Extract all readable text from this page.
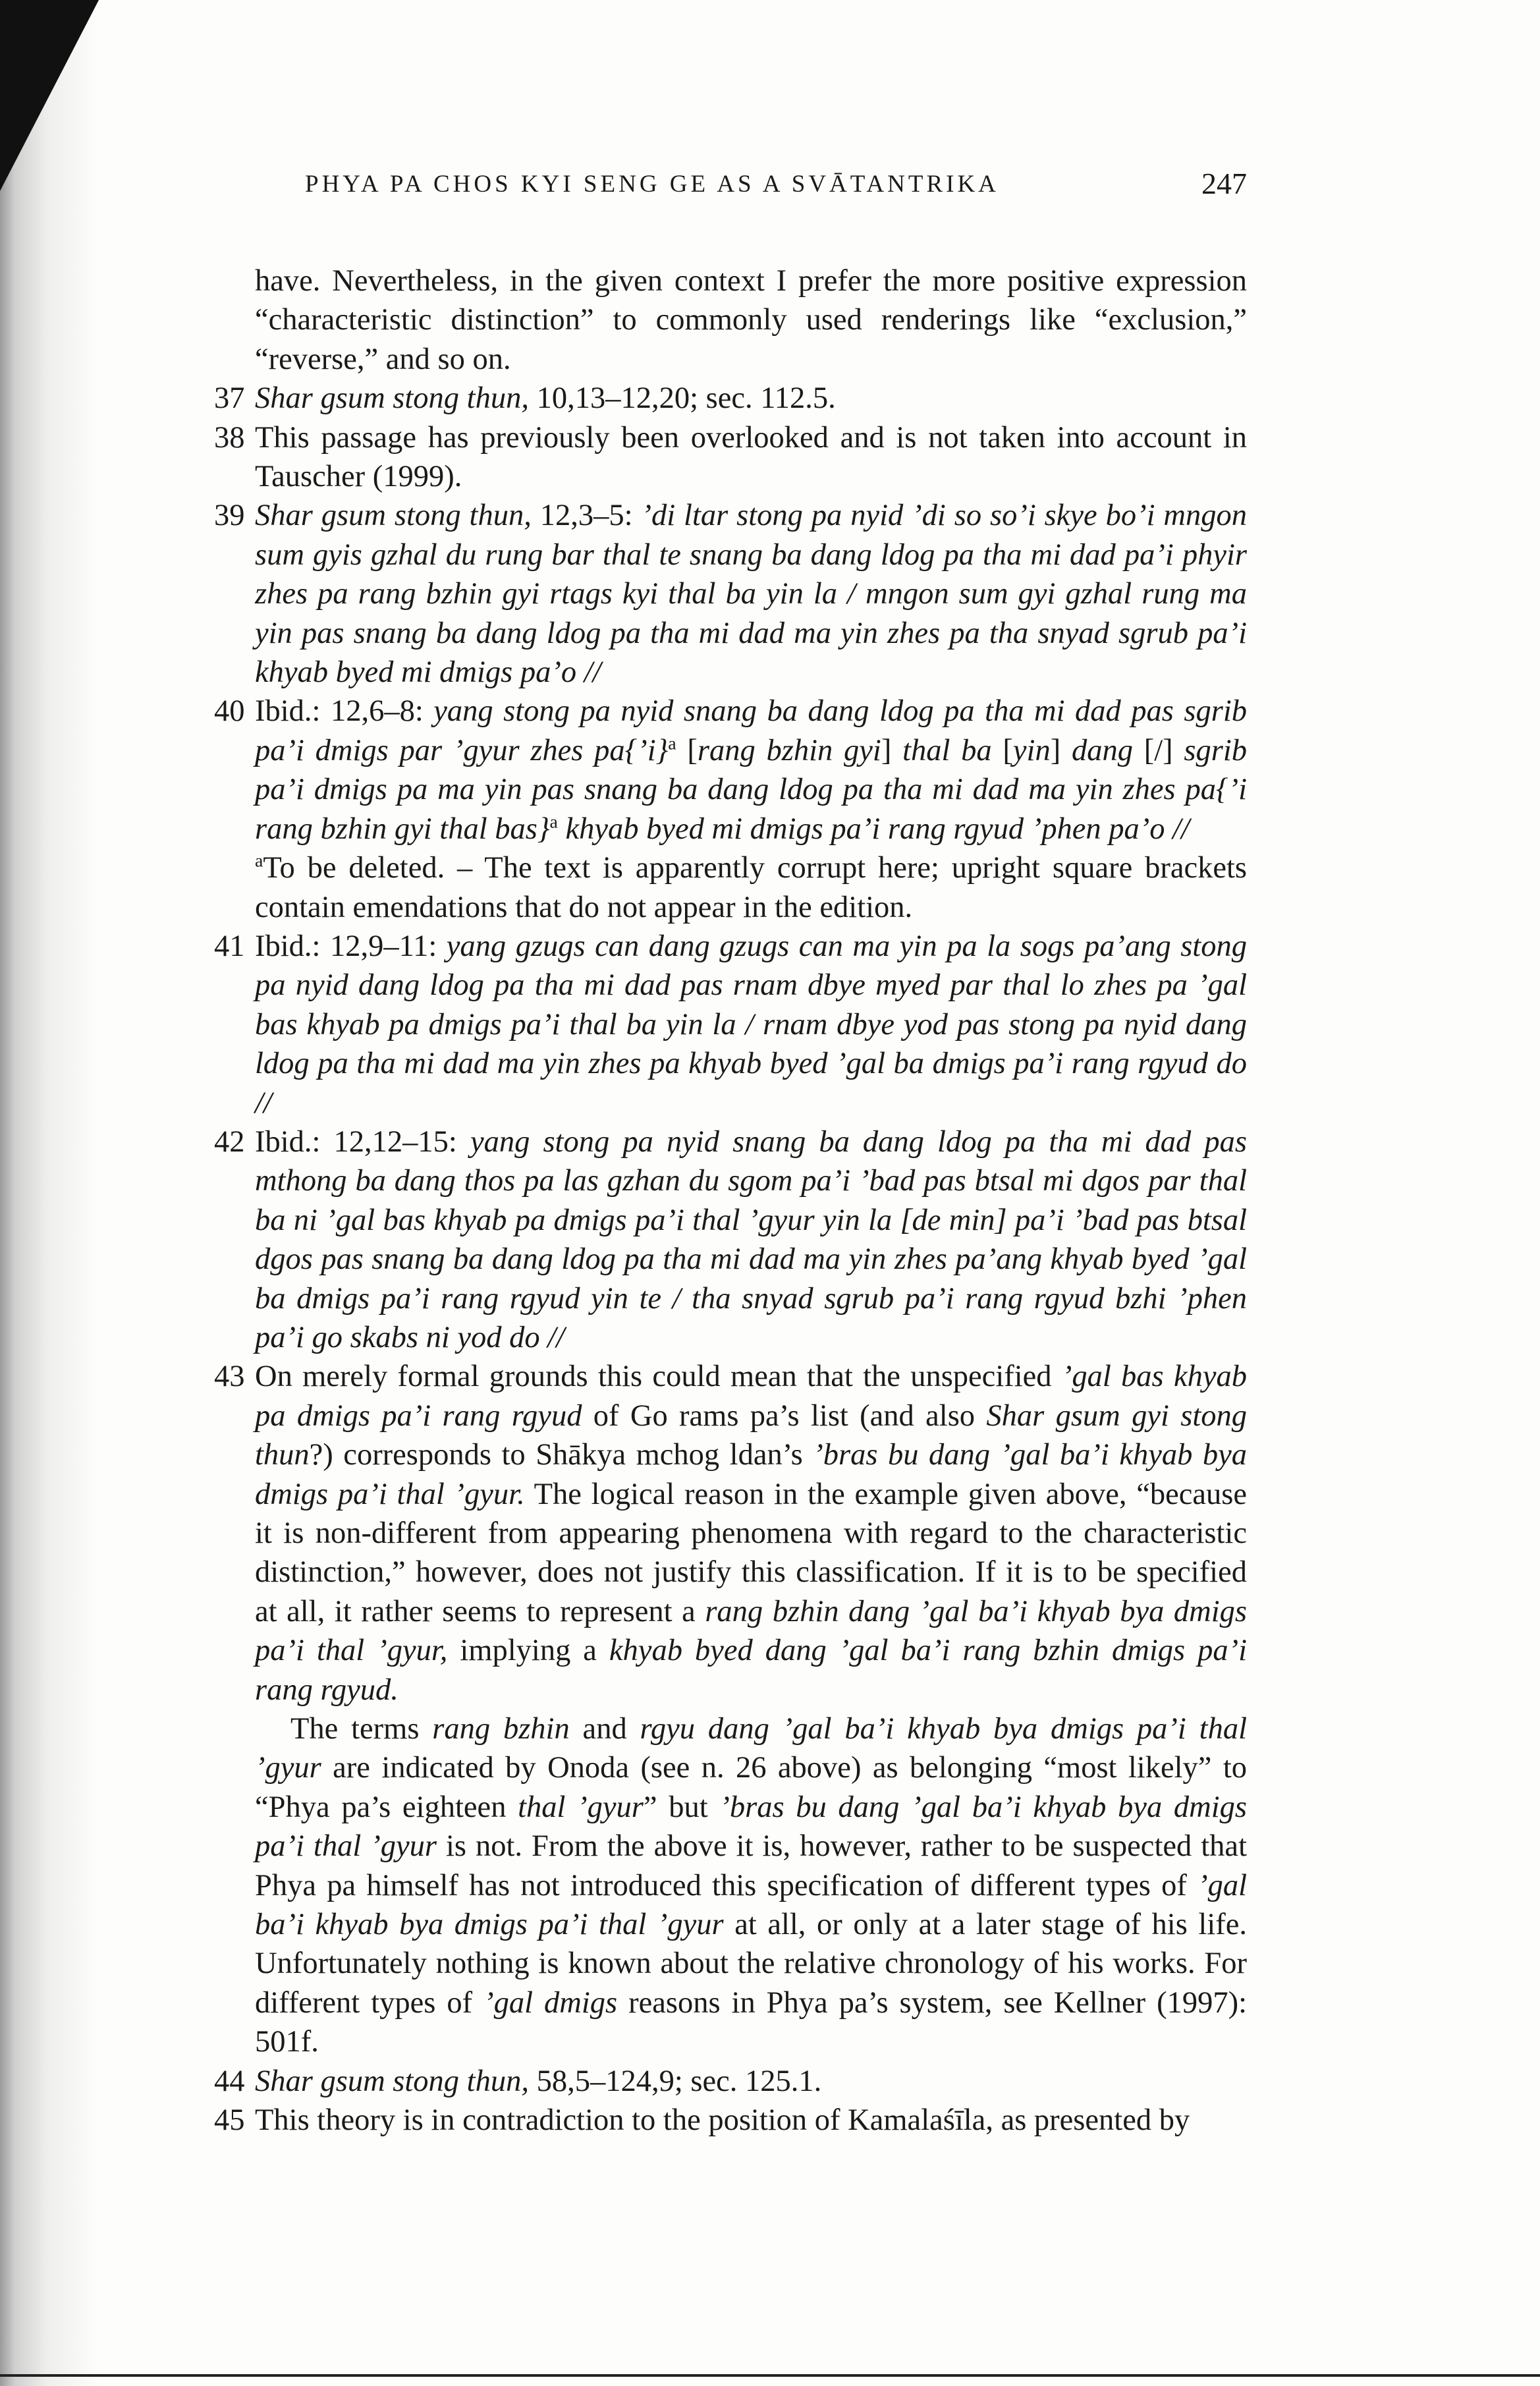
PHYA PA CHOS KYI SENG GE AS A SVĀTANTRIKA	247

have. Nevertheless, in the given context I prefer the more positive expression “characteristic distinction” to commonly used renderings like “exclusion,” “reverse,” and so on.

37 Shar gsum stong thun, 10,13–12,20; sec. 112.5.
38 This passage has previously been overlooked and is not taken into account in Tauscher (1999).
39 Shar gsum stong thun, 12,3–5: ’di ltar stong pa nyid ’di so so’i skye bo’i mngon sum gyis gzhal du rung bar thal te snang ba dang ldog pa tha mi dad pa’i phyir zhes pa rang bzhin gyi rtags kyi thal ba yin la / mngon sum gyi gzhal rung ma yin pas snang ba dang ldog pa tha mi dad ma yin zhes pa tha snyad sgrub pa’i khyab byed mi dmigs pa’o //
40 Ibid.: 12,6–8: yang stong pa nyid snang ba dang ldog pa tha mi dad pas sgrib pa’i dmigs par ’gyur zhes pa{’i}$^a$ [rang bzhin gyi] thal ba [yin] dang [/] sgrib pa’i dmigs pa ma yin pas snang ba dang ldog pa tha mi dad ma yin zhes pa{’i rang bzhin gyi thal bas}$^a$ khyab byed mi dmigs pa’i rang rgyud ’phen pa’o //

$^a$To be deleted. – The text is apparently corrupt here; upright square brackets contain emendations that do not appear in the edition.

41 Ibid.: 12,9–11: yang gzugs can dang gzugs can ma yin pa la sogs pa’ang stong pa nyid dang ldog pa tha mi dad pas rnam dbye myed par thal lo zhes pa ’gal bas khyab pa dmigs pa’i thal ba yin la / rnam dbye yod pas stong pa nyid dang ldog pa tha mi dad ma yin zhes pa khyab byed ’gal ba dmigs pa’i rang rgyud do //
42 Ibid.: 12,12–15: yang stong pa nyid snang ba dang ldog pa tha mi dad pas mthong ba dang thos pa las gzhan du sgom pa’i ’bad pas btsal mi dgos par thal ba ni ’gal bas khyab pa dmigs pa’i thal ’gyur yin la [de min] pa’i ’bad pas btsal dgos pas snang ba dang ldog pa tha mi dad ma yin zhes pa’ang khyab byed ’gal ba dmigs pa’i rang rgyud yin te / tha snyad sgrub pa’i rang rgyud bzhi ’phen pa’i go skabs ni yod do //
43 On merely formal grounds this could mean that the unspecified ’gal bas khyab pa dmigs pa’i rang rgyud of Go rams pa’s list (and also Shar gsum gyi stong thun?) corresponds to Shākya mchog ldan’s ’bras bu dang ’gal ba’i khyab bya dmigs pa’i thal ’gyur. The logical reason in the example given above, “because it is non-different from appearing phenomena with regard to the characteristic distinction,” however, does not justify this classification. If it is to be specified at all, it rather seems to represent a rang bzhin dang ’gal ba’i khyab bya dmigs pa’i thal ’gyur, implying a khyab byed dang ’gal ba’i rang bzhin dmigs pa’i rang rgyud.

The terms rang bzhin and rgyu dang ’gal ba’i khyab bya dmigs pa’i thal ’gyur are indicated by Onoda (see n. 26 above) as belonging “most likely” to “Phya pa’s eighteen thal ’gyur” but ’bras bu dang ’gal ba’i khyab bya dmigs pa’i thal ’gyur is not. From the above it is, however, rather to be suspected that Phya pa himself has not introduced this specification of different types of ’gal ba’i khyab bya dmigs pa’i thal ’gyur at all, or only at a later stage of his life. Unfortunately nothing is known about the relative chronology of his works. For different types of ’gal dmigs reasons in Phya pa’s system, see Kellner (1997): 501f.

44 Shar gsum stong thun, 58,5–124,9; sec. 125.1.
45 This theory is in contradiction to the position of Kamalaśīla, as presented by
